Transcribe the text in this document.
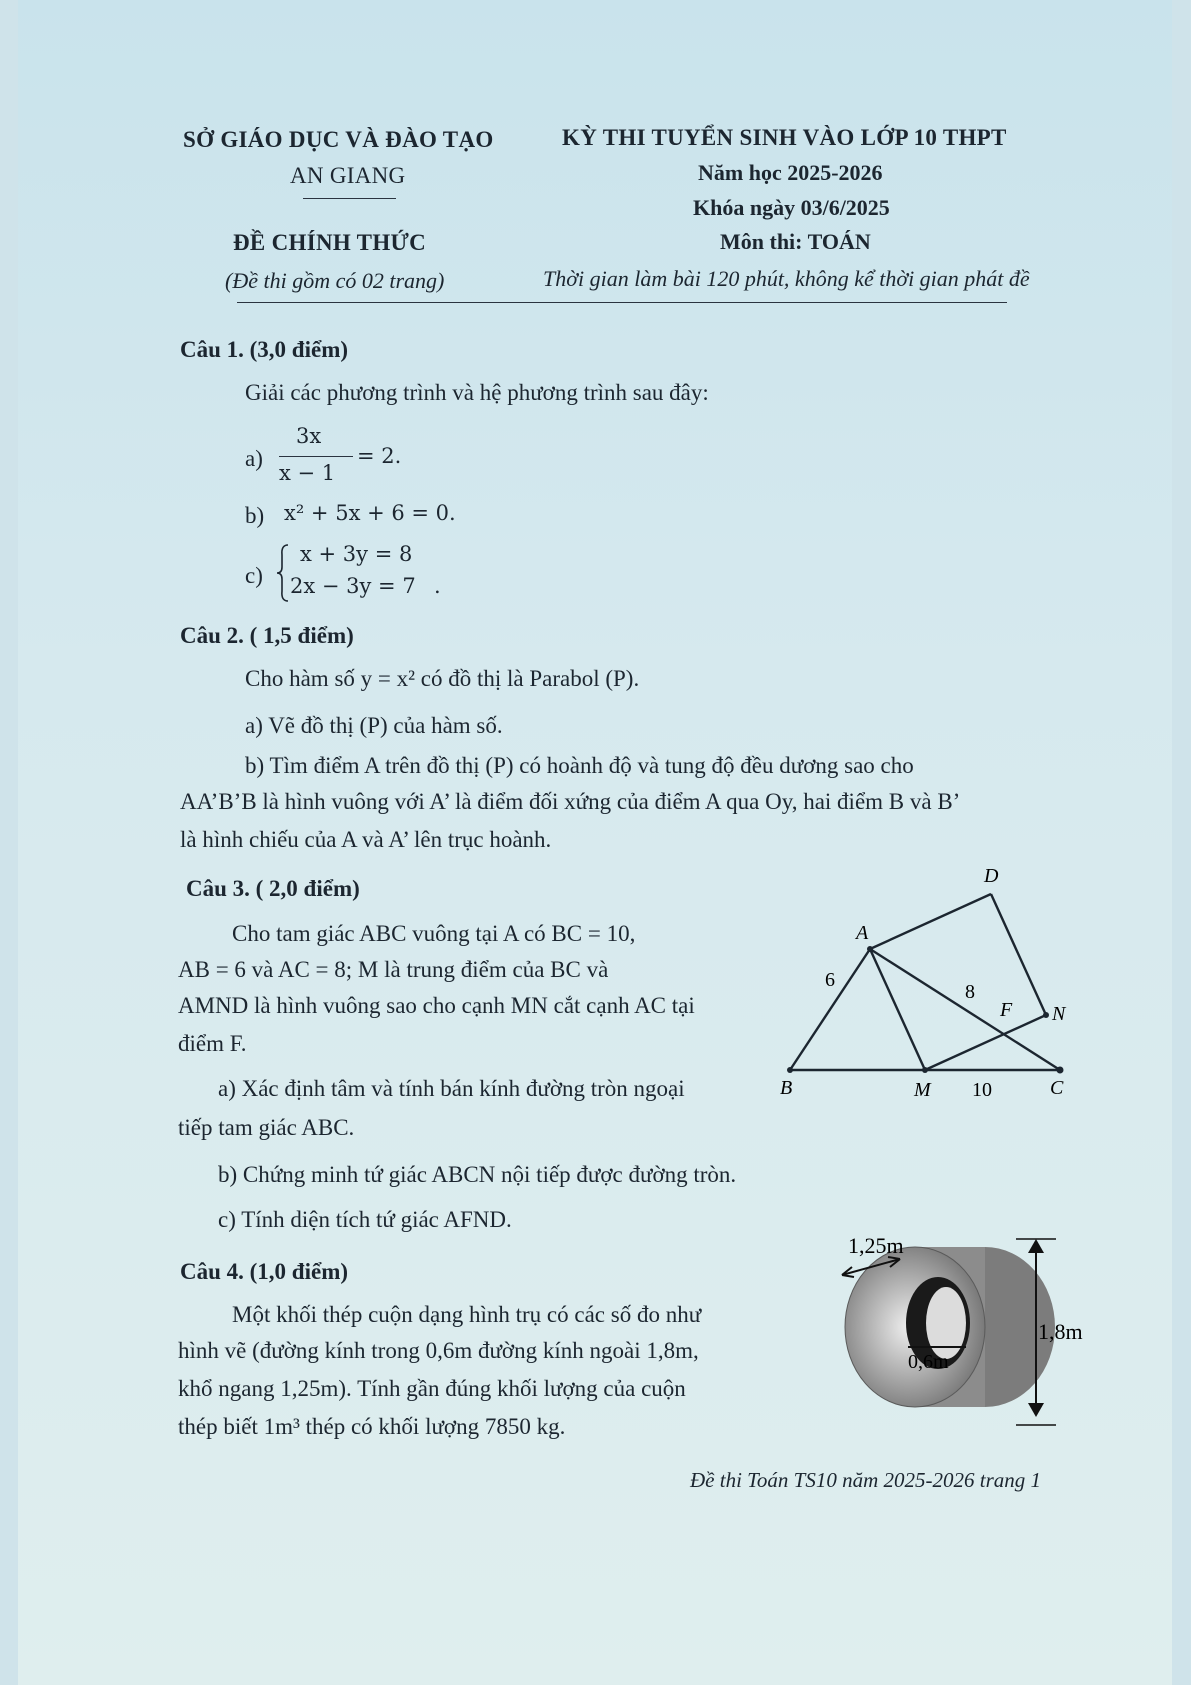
SỞ GIÁO DỤC VÀ ĐÀO TẠO
AN GIANG
ĐỀ CHÍNH THỨC
(Đề thi gồm có 02 trang)
KỲ THI TUYỂN SINH VÀO LỚP 10 THPT
Năm học 2025-2026
Khóa ngày 03/6/2025
Môn thi: TOÁN
Thời gian làm bài 120 phút, không kể thời gian phát đề
Câu 1. (3,0 điểm)
Giải các phương trình và hệ phương trình sau đây:
a)
3x
x − 1
= 2.
b) x² + 5x + 6 = 0.
c)
x + 3y = 8
2x − 3y = 7 .
Câu 2. ( 1,5 điểm)
Cho hàm số y = x² có đồ thị là Parabol (P).
a) Vẽ đồ thị (P) của hàm số.
b) Tìm điểm A trên đồ thị (P) có hoành độ và tung độ đều dương sao cho
AA’B’B là hình vuông với A’ là điểm đối xứng của điểm A qua Oy, hai điểm B và B’
là hình chiếu của A và A’ lên trục hoành.
Câu 3. ( 2,0 điểm)
Cho tam giác ABC vuông tại A có BC = 10,
AB = 6 và AC = 8; M là trung điểm của BC và
AMND là hình vuông sao cho cạnh MN cắt cạnh AC tại
điểm F.
a) Xác định tâm và tính bán kính đường tròn ngoại
tiếp tam giác ABC.
b) Chứng minh tứ giác ABCN nội tiếp được đường tròn.
c) Tính diện tích tứ giác AFND.
A
B	C
D
M
N
F
6
8
10
Câu 4. (1,0 điểm)
Một khối thép cuộn dạng hình trụ có các số đo như
hình vẽ (đường kính trong 0,6m đường kính ngoài 1,8m,
khổ ngang 1,25m). Tính gần đúng khối lượng của cuộn
thép biết 1m³ thép có khối lượng 7850 kg.
1,25m
0,6m
1,8m
Đề thi Toán TS10 năm 2025-2026 trang 1
